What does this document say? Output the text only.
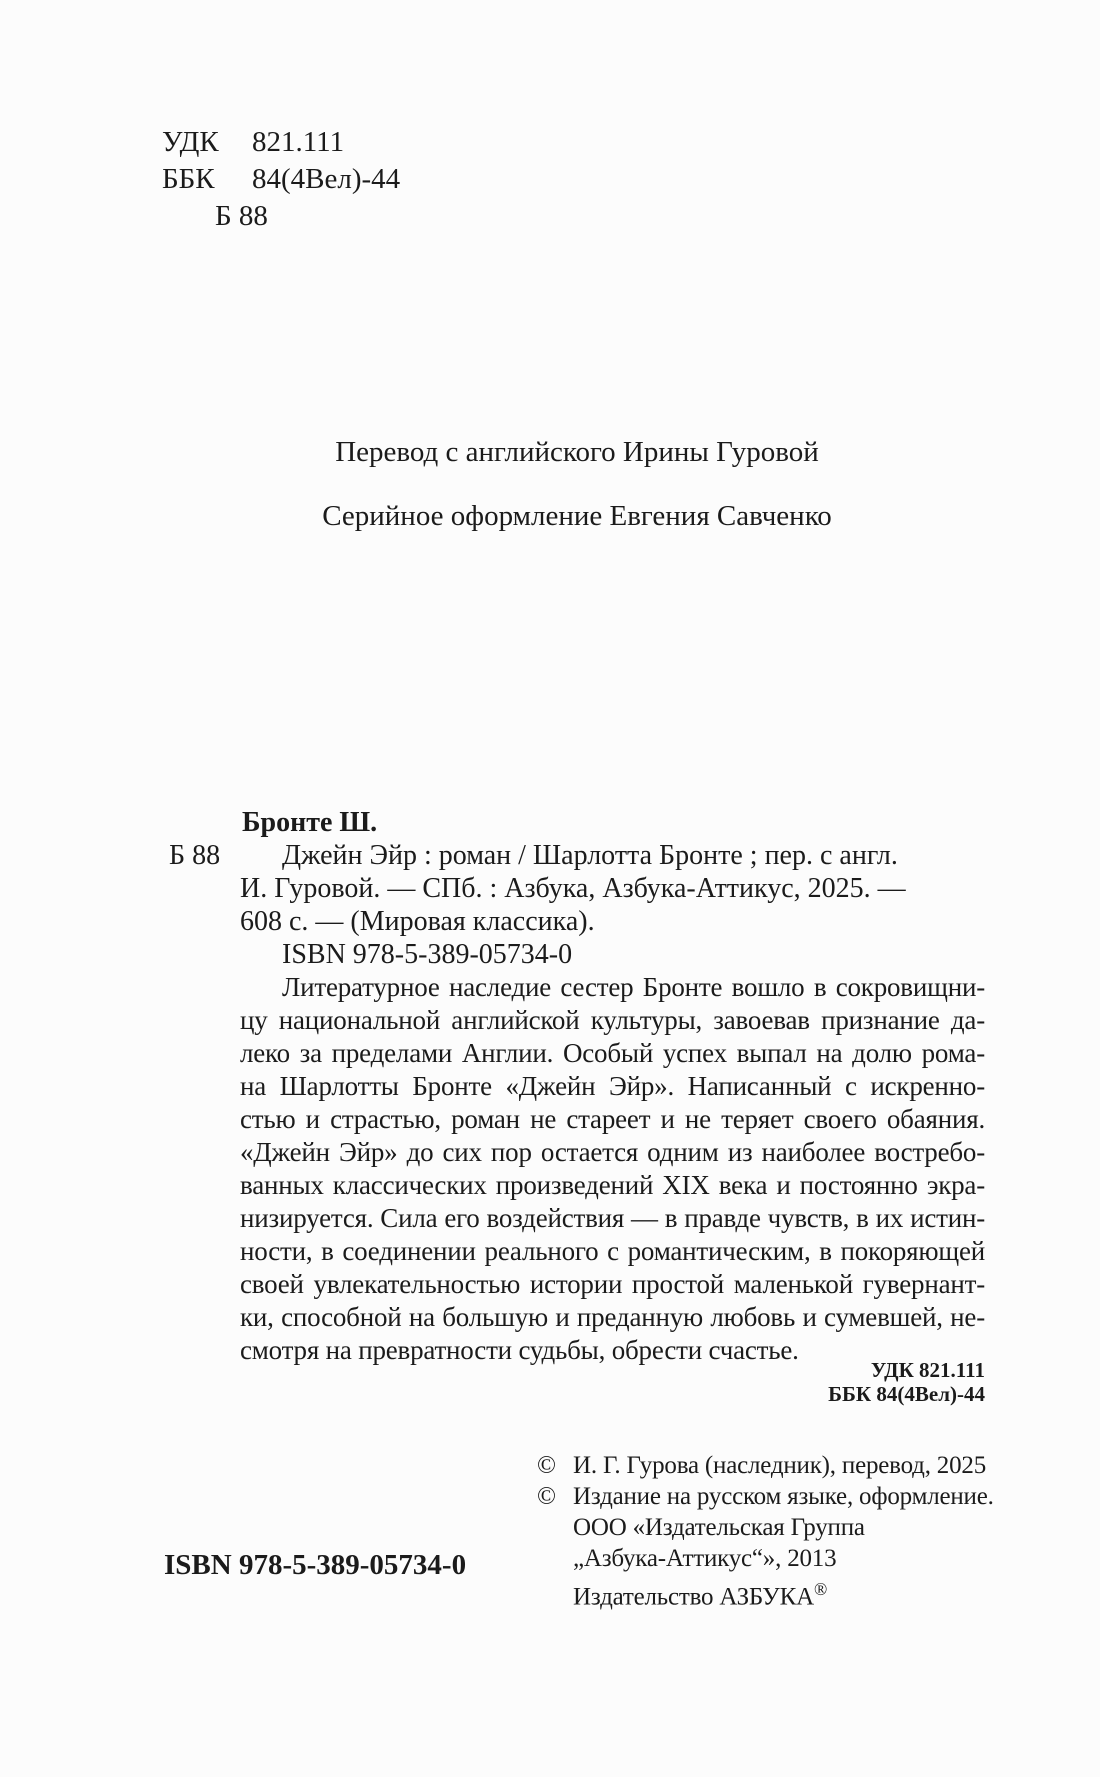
УДК 821.111
ББК 84(4Вел)-44
Б 88
Перевод с английского Ирины Гуровой
Серийное оформление Евгения Савченко
Бронте Ш.
Б 88 Джейн Эйр : роман / Шарлотта Бронте ; пер. с англ.
И. Гуровой. — СПб. : Азбука, Азбука-Аттикус, 2025. —
608 с. — (Мировая классика).
ISBN 978-5-389-05734-0
Литературное наследие сестер Бронте вошло в сокровищни-
цу национальной английской культуры, завоевав признание да-
леко за пределами Англии. Особый успех выпал на долю рома-
на Шарлотты Бронте «Джейн Эйр». Написанный с искренно-
стью и страстью, роман не стареет и не теряет своего обаяния.
«Джейн Эйр» до сих пор остается одним из наиболее востребо-
ванных классических произведений XIX века и постоянно экра-
низируется. Сила его воздействия — в правде чувств, в их истин-
ности, в соединении реального с романтическим, в покоряющей
своей увлекательностью истории простой маленькой гувернант-
ки, способной на большую и преданную любовь и сумевшей, не-
смотря на превратности судьбы, обрести счастье.
УДК 821.111
ББК 84(4Вел)-44
© И. Г. Гурова (наследник), перевод, 2025
© Издание на русском языке, оформление.
ООО «Издательская Группа
„Азбука-Аттикус“», 2013
Издательство АЗБУКА®
ISBN 978-5-389-05734-0
